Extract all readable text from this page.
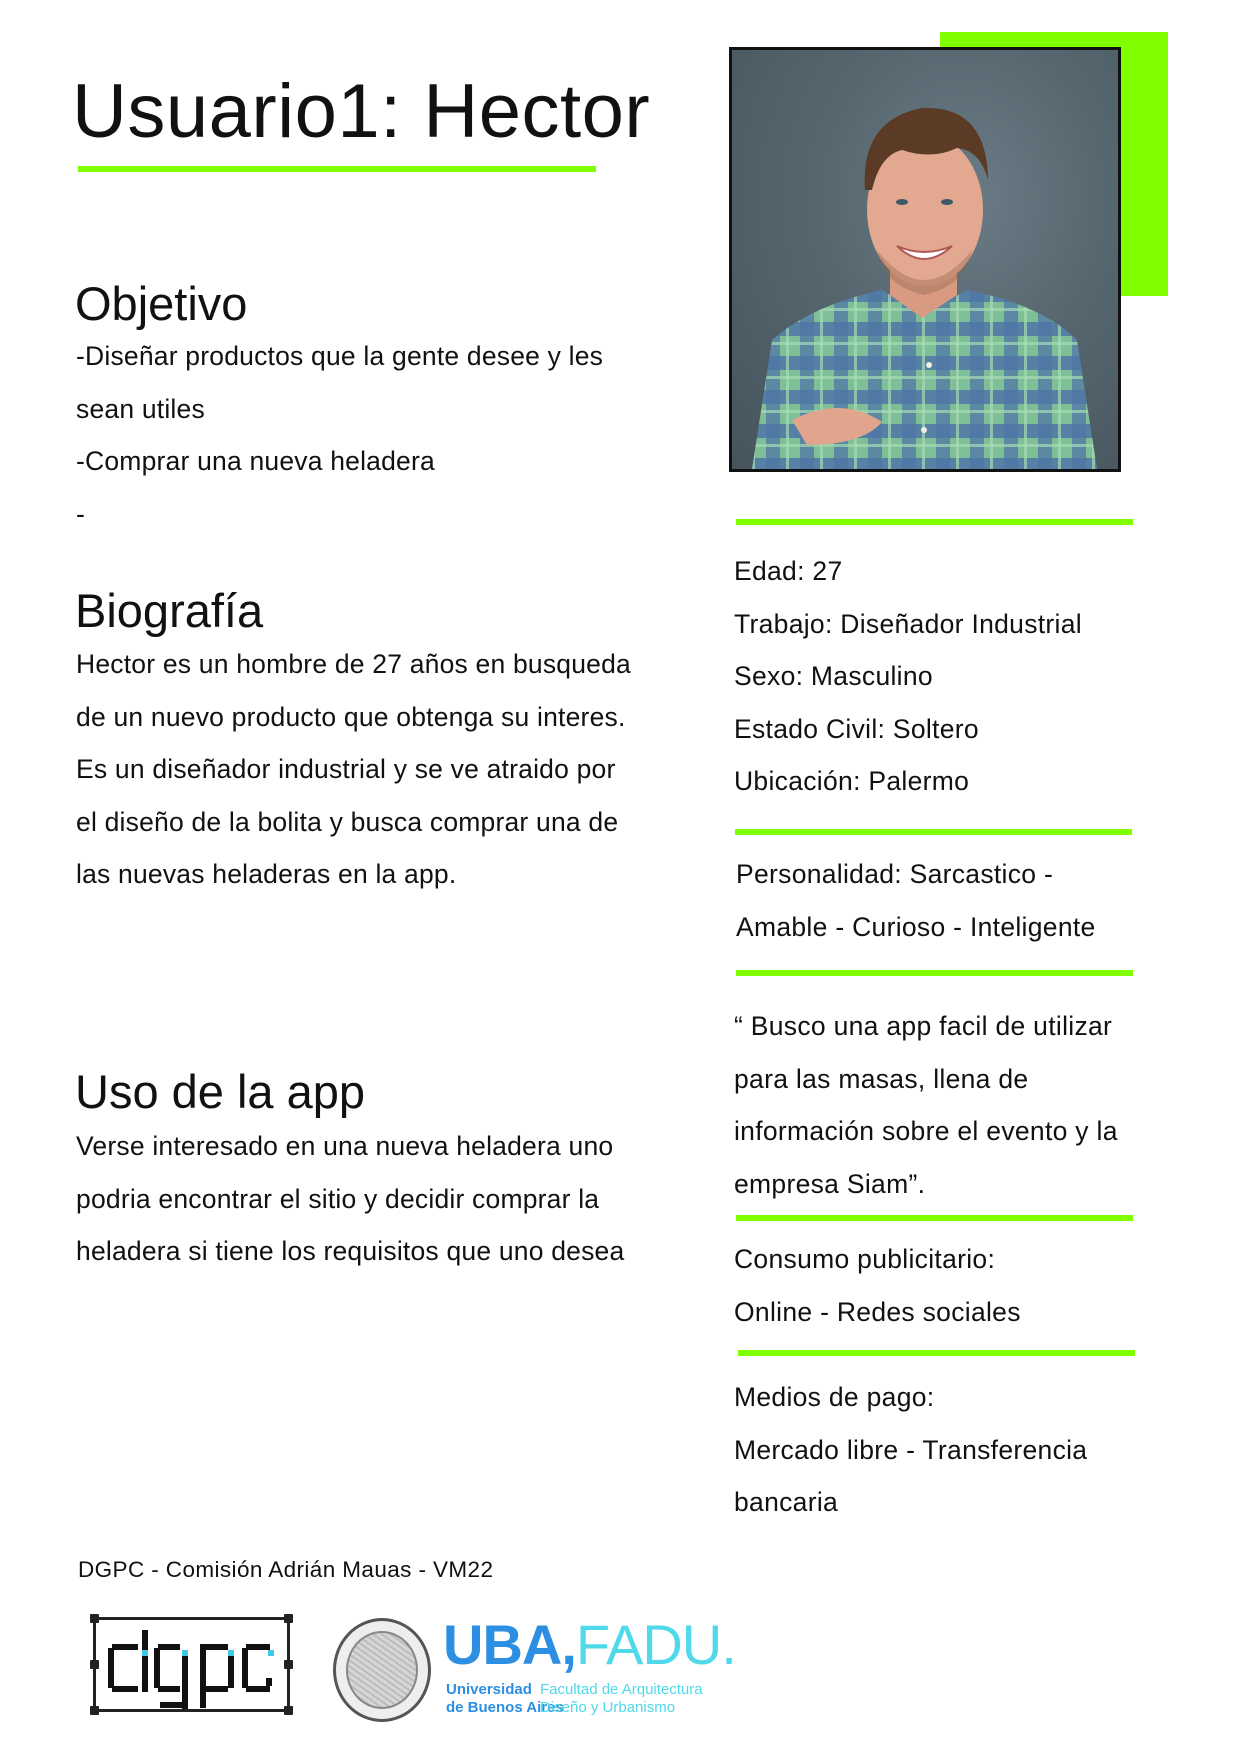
Usuario1: Hector
Objetivo
-Diseñar productos que la gente desee y les
sean utiles
-Comprar una nueva heladera
-
Biografía
Hector es un hombre de 27 años en busqueda
de un nuevo producto que obtenga su interes.
Es un diseñador industrial y se ve atraido por
el diseño de la bolita y busca comprar una de
las nuevas heladeras en la app.
Uso de la app
Verse interesado en una nueva heladera uno
podria encontrar el sitio y decidir comprar la
heladera si tiene los requisitos que uno desea
Edad: 27
Trabajo: Diseñador Industrial
Sexo: Masculino
Estado Civil: Soltero
Ubicación: Palermo
Personalidad: Sarcastico -
Amable - Curioso - Inteligente
“ Busco una app facil de utilizar
para las masas, llena de
información sobre el evento y la
empresa Siam”.
Consumo publicitario:
Online - Redes sociales
Medios de pago:
Mercado libre - Transferencia
bancaria
DGPC - Comisión Adrián Mauas - VM22
UBA,FADU.
Universidad
de Buenos Aires
Facultad de Arquitectura
Diseño y Urbanismo
